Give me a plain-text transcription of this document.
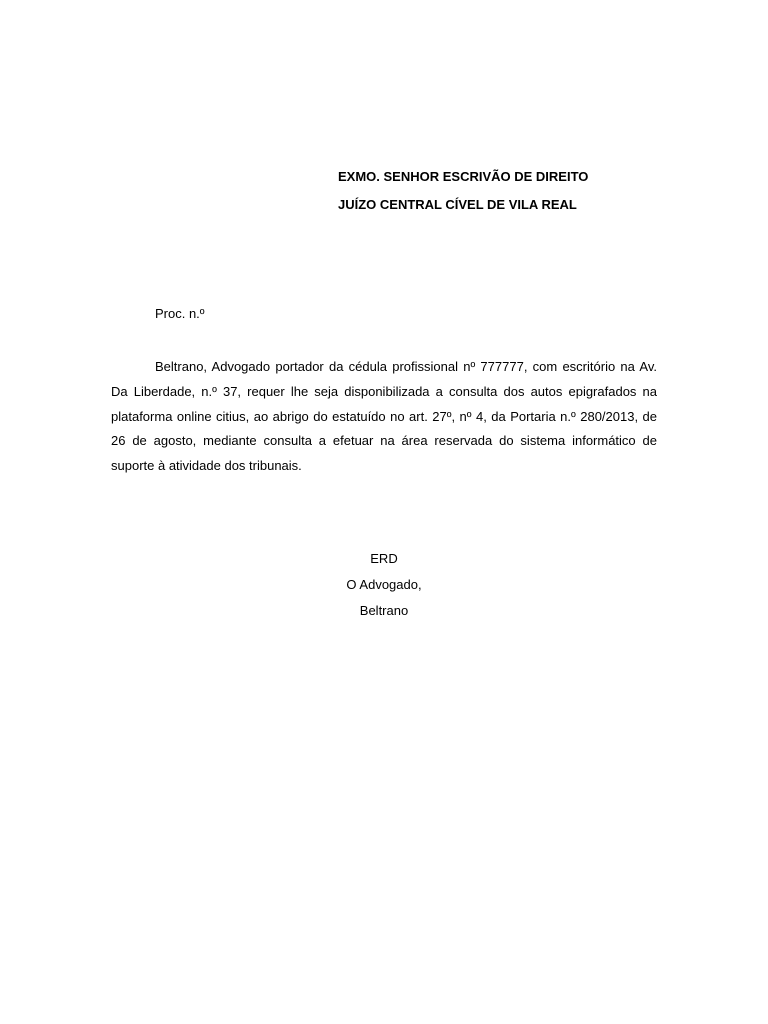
EXMO. SENHOR ESCRIVÃO DE DIREITO
JUÍZO CENTRAL CÍVEL DE VILA REAL
Proc. n.º

Beltrano, Advogado portador da cédula profissional nº 777777, com escritório na Av. Da Liberdade, n.º 37, requer lhe seja disponibilizada a consulta dos autos epigrafados na plataforma online citius, ao abrigo do estatuído no art. 27º, nº 4, da Portaria n.º 280/2013, de 26 de agosto, mediante consulta a efetuar na área reservada do sistema informático de suporte à atividade dos tribunais.

ERD
O Advogado,
Beltrano
